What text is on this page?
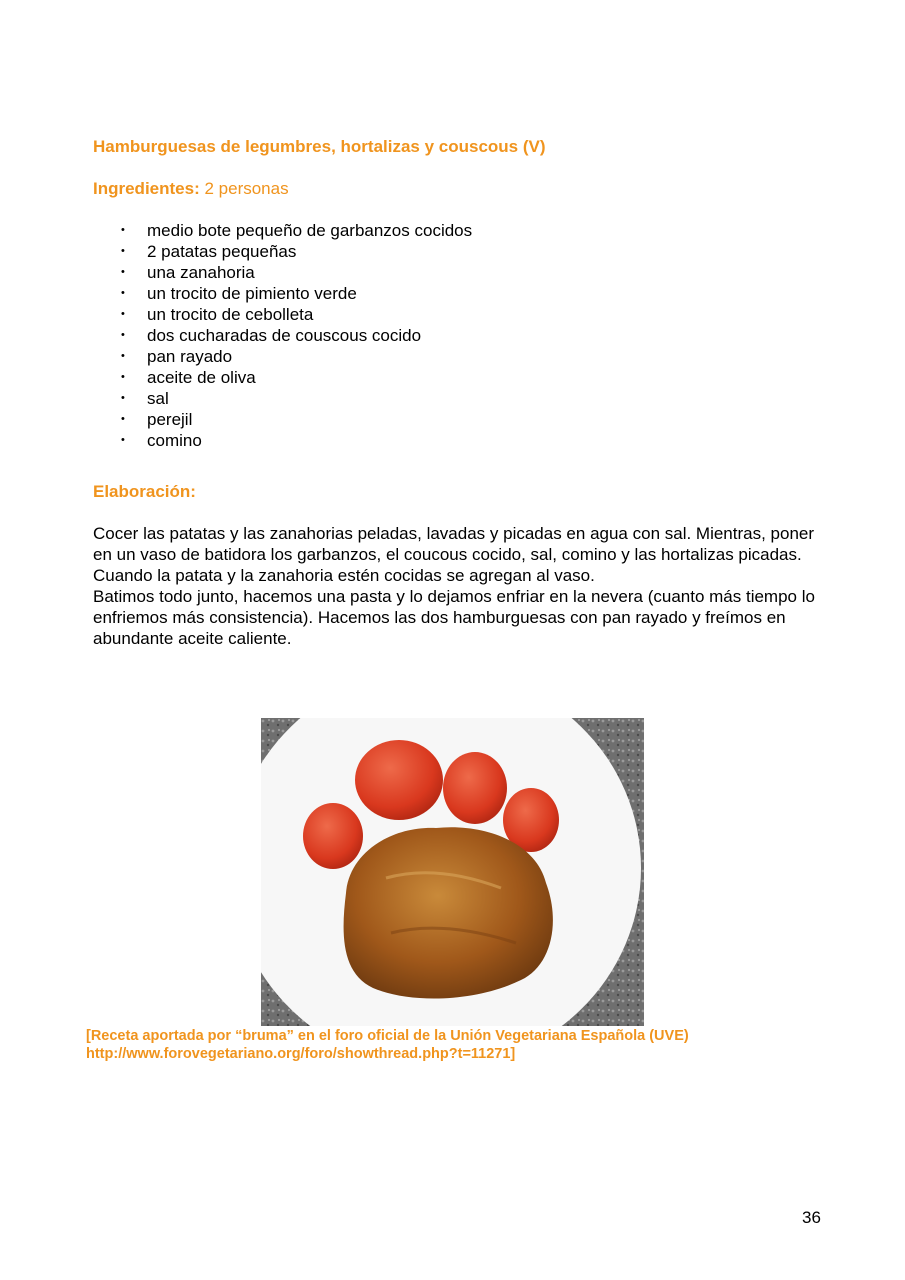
Hamburguesas de legumbres, hortalizas y couscous (V)

Ingredientes: 2 personas

• medio bote pequeño de garbanzos cocidos
• 2 patatas pequeñas
• una zanahoria
• un trocito de pimiento verde
• un trocito de cebolleta
• dos cucharadas de couscous cocido
• pan rayado
• aceite de oliva
• sal
• perejil
• comino
Elaboración:

Cocer las patatas y las zanahorias peladas, lavadas y picadas en agua con sal. Mientras, poner en un vaso de batidora los garbanzos, el coucous cocido, sal, comino y las hortalizas picadas. Cuando la patata y la zanahoria estén cocidas se agregan al vaso.

Batimos todo junto, hacemos una pasta y lo dejamos enfriar en la nevera (cuanto más tiempo lo enfriemos más consistencia). Hacemos las dos hamburguesas con pan rayado y freímos en abundante aceite caliente.

[Receta aportada por “bruma” en el foro oficial de la Unión Vegetariana Española (UVE)
http://www.forovegetariano.org/foro/showthread.php?t=11271]

36
